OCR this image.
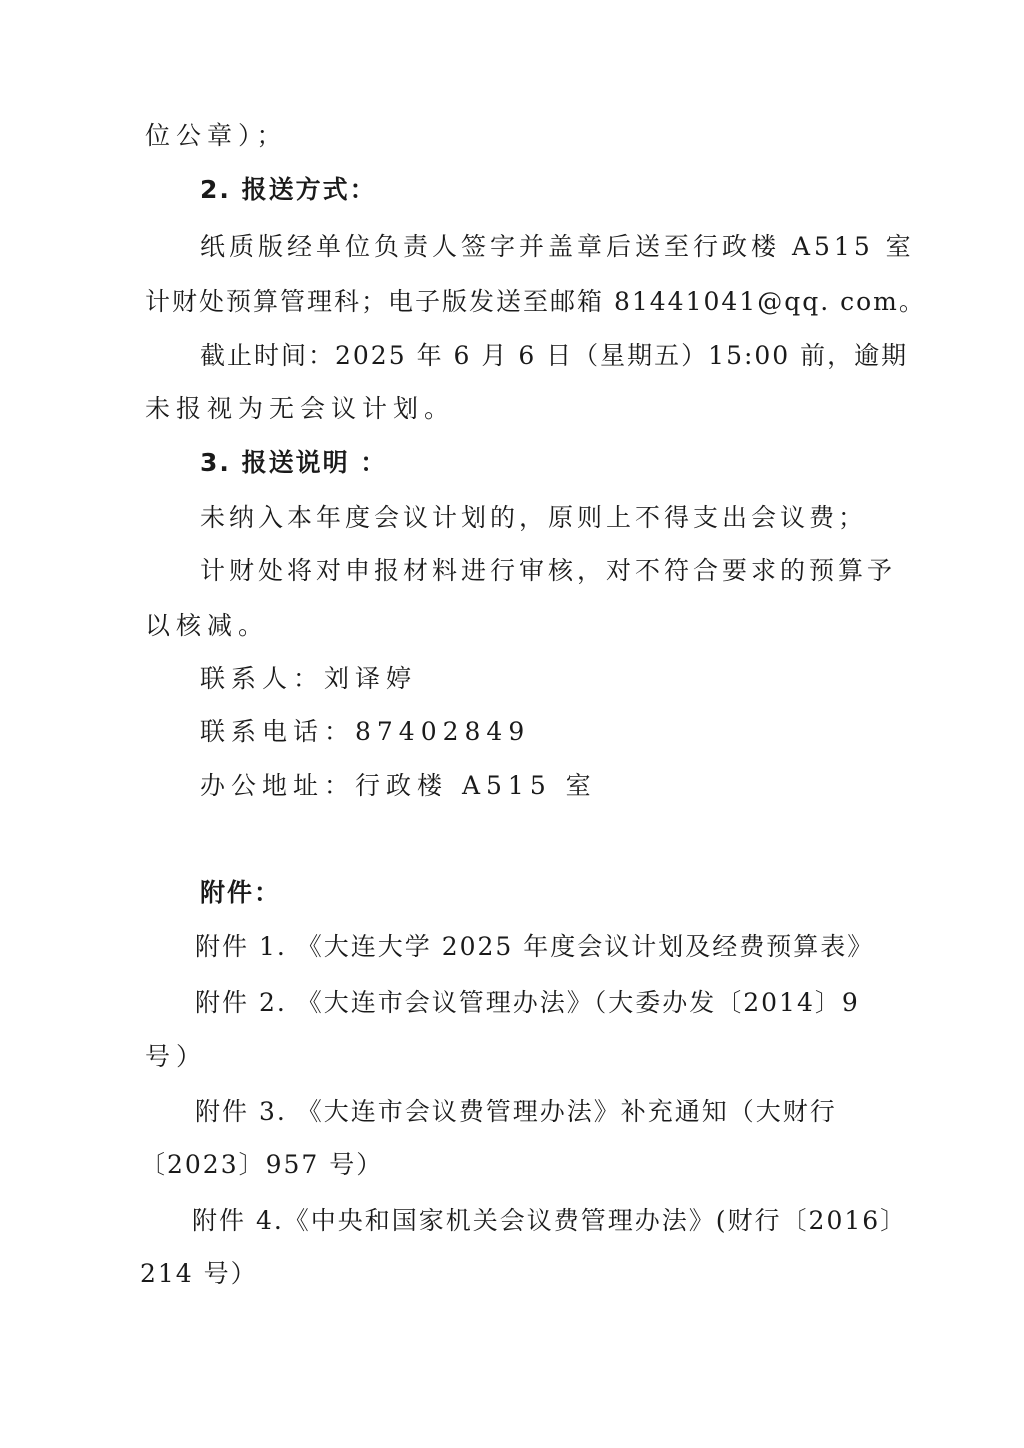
位公章）；
2. 报送方式：
纸质版经单位负责人签字并盖章后送至行政楼 A515 室
计财处预算管理科；电子版发送至邮箱 81441041@qq. com。
截止时间：2025 年 6 月 6 日（星期五）15:00 前，逾期
未报视为无会议计划。
3. 报送说明 ：
未纳入本年度会议计划的，原则上不得支出会议费；
计财处将对申报材料进行审核，对不符合要求的预算予
以核减。
联系人：刘译婷
联系电话：87402849
办公地址：行政楼 A515 室
附件：
附件 1. 《大连大学 2025 年度会议计划及经费预算表》
附件 2. 《大连市会议管理办法》（大委办发〔2014〕9
号）
附件 3. 《大连市会议费管理办法》补充通知（大财行
〔2023〕957 号）
附件 4.《中央和国家机关会议费管理办法》(财行〔2016〕
214 号）
